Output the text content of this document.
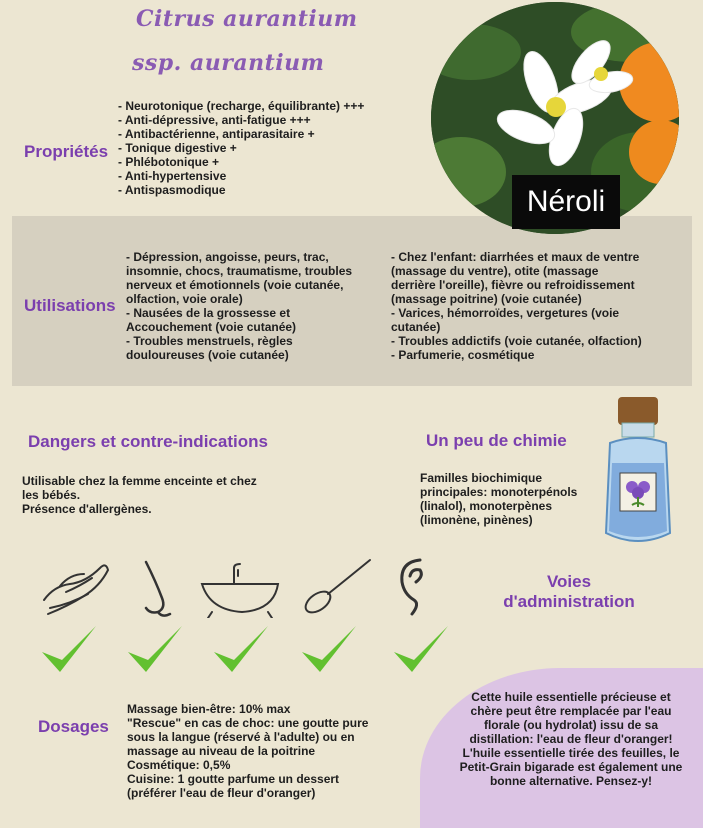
Citrus aurantium
ssp. aurantium
Néroli
Propriétés
- Neurotonique (recharge, équilibrante) +++
- Anti-dépressive, anti-fatigue +++
- Antibactérienne, antiparasitaire +
- Tonique digestive +
- Phlébotonique +
- Anti-hypertensive
- Antispasmodique
Utilisations
- Dépression, angoisse, peurs, trac,
insomnie, chocs, traumatisme, troubles
nerveux et émotionnels (voie cutanée,
olfaction, voie orale)
- Nausées de la grossesse et
Accouchement (voie cutanée)
- Troubles menstruels, règles
douloureuses (voie cutanée)
- Chez l'enfant: diarrhées et maux de ventre
(massage du ventre), otite (massage
derrière l'oreille), fièvre ou refroidissement
(massage poitrine) (voie cutanée)
- Varices, hémorroïdes, vergetures (voie
cutanée)
- Troubles addictifs (voie cutanée, olfaction)
- Parfumerie, cosmétique
Dangers et contre-indications
Utilisable chez la femme enceinte et chez
les bébés.
Présence d'allergènes.
Un peu de chimie
Familles biochimique
principales: monoterpénols
(linalol), monoterpènes
(limonène, pinènes)
Voies
d'administration
Dosages
Massage bien-être: 10% max
"Rescue" en cas de choc: une goutte pure
sous la langue (réservé à l'adulte) ou en
massage au niveau de la poitrine
Cosmétique: 0,5%
Cuisine: 1 goutte parfume un dessert
(préférer l'eau de fleur d'oranger)
Cette huile essentielle précieuse et
chère peut être remplacée par l'eau
florale (ou hydrolat) issu de sa
distillation: l'eau de fleur d'oranger!
L'huile essentielle tirée des feuilles, le
Petit-Grain bigarade est également une
bonne alternative. Pensez-y!
